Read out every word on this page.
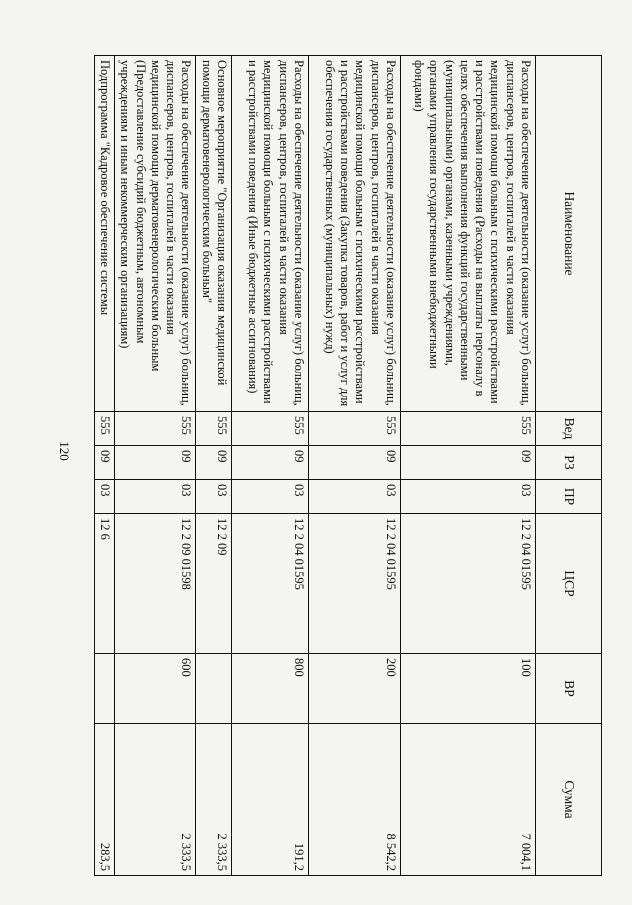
120
Наименование	Вед	РЗ	ПР	ЦСР	ВР	Сумма
Расходы на обеспечение деятельности (оказание услуг) больниц, диспансеров, центров, госпиталей в части оказания медицинской помощи больным с психическими расстройствами и расстройствами поведения (Расходы на выплаты персоналу в целях обеспечения выполнения функций государственными (муниципальными) органами, казенными учреждениями, органами управления государственными внебюджетными фондами)	555	09	03	12 2 04 01595	100	7 004,1
Расходы на обеспечение деятельности (оказание услуг) больниц, диспансеров, центров, госпиталей в части оказания медицинской помощи больным с психическими расстройствами и расстройствами поведения (Закупка товаров, работ и услуг для обеспечения государственных (муниципальных) нужд)	555	09	03	12 2 04 01595	200	8 542,2
Расходы на обеспечение деятельности (оказание услуг) больниц, диспансеров, центров, госпиталей в части оказания медицинской помощи больным с психическими расстройствами и расстройствами поведения (Иные бюджетные ассигнования)	555	09	03	12 2 04 01595	800	191,2
Основное мероприятие "Организация оказания медицинской помощи дерматовенерологическим больным"	555	09	03	12 2 09		2 333,5
Расходы на обеспечение деятельности (оказание услуг) больниц, диспансеров, центров, госпиталей в части оказания медицинской помощи дерматовенерологическим больным (Предоставление субсидий бюджетным, автономным учреждениям и иным некоммерческим организациям)	555	09	03	12 2 09 01598	600	2 333,5
Подпрограмма "Кадровое обеспечение системы	555	09	03	12 6		283,5
